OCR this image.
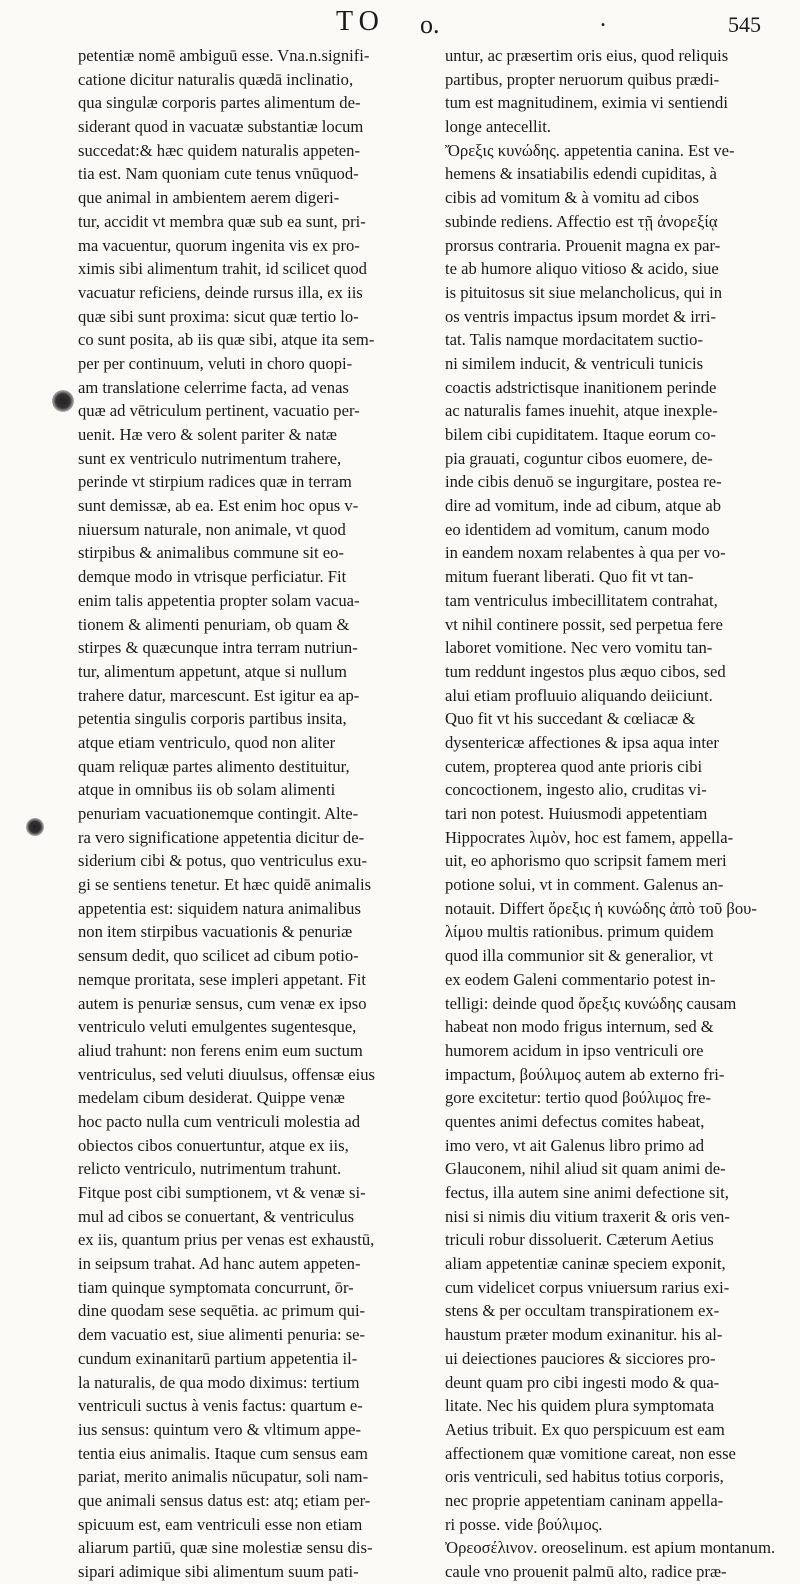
TO o.	.	545
petentiæ nomē ambiguū esse. Vna.n.signifi-
catione dicitur naturalis quædā inclinatio,
qua singulæ corporis partes alimentum de-
siderant quod in vacuatæ substantiæ locum
succedat:& hæc quidem naturalis appeten-
tia est. Nam quoniam cute tenus vnūquod-
que animal in ambientem aerem digeri-
tur, accidit vt membra quæ sub ea sunt, pri-
ma vacuentur, quorum ingenita vis ex pro-
ximis sibi alimentum trahit, id scilicet quod
vacuatur reficiens, deinde rursus illa, ex iis
quæ sibi sunt proxima: sicut quæ tertio lo-
co sunt posita, ab iis quæ sibi, atque ita sem-
per per continuum, veluti in choro quopi-
am translatione celerrime facta, ad venas
quæ ad vētriculum pertinent, vacuatio per-
uenit. Hæ vero & solent pariter & natæ
sunt ex ventriculo nutrimentum trahere,
perinde vt stirpium radices quæ in terram
sunt demissæ, ab ea. Est enim hoc opus v-
niuersum naturale, non animale, vt quod
stirpibus & animalibus commune sit eo-
demque modo in vtrisque perficiatur. Fit
enim talis appetentia propter solam vacua-
tionem & alimenti penuriam, ob quam &
stirpes & quæcunque intra terram nutriun-
tur, alimentum appetunt, atque si nullum
trahere datur, marcescunt. Est igitur ea ap-
petentia singulis corporis partibus insita,
atque etiam ventriculo, quod non aliter
quam reliquæ partes alimento destituitur,
atque in omnibus iis ob solam alimenti
penuriam vacuationemque contingit. Alte-
ra vero significatione appetentia dicitur de-
siderium cibi & potus, quo ventriculus exu-
gi se sentiens tenetur. Et hæc quidē animalis
appetentia est: siquidem natura animalibus
non item stirpibus vacuationis & penuriæ
sensum dedit, quo scilicet ad cibum potio-
nemque proritata, sese impleri appetant. Fit
autem is penuriæ sensus, cum venæ ex ipso
ventriculo veluti emulgentes sugentesque,
aliud trahunt: non ferens enim eum suctum
ventriculus, sed veluti diuulsus, offensæ eius
medelam cibum desiderat. Quippe venæ
hoc pacto nulla cum ventriculi molestia ad
obiectos cibos conuertuntur, atque ex iis,
relicto ventriculo, nutrimentum trahunt.
Fitque post cibi sumptionem, vt & venæ si-
mul ad cibos se conuertant, & ventriculus
ex iis, quantum prius per venas est exhaustū,
in seipsum trahat. Ad hanc autem appeten-
tiam quinque symptomata concurrunt, ōr-
dine quodam sese sequētia. ac primum qui-
dem vacuatio est, siue alimenti penuria: se-
cundum exinanitarū partium appetentia il-
la naturalis, de qua modo diximus: tertium
ventriculi suctus à venis factus: quartum e-
ius sensus: quintum vero & vltimum appe-
tentia eius animalis. Itaque cum sensus eam
pariat, merito animalis nūcupatur, soli nam-
que animali sensus datus est: atq; etiam per-
spicuum est, eam ventriculi esse non etiam
aliarum partiū, quæ sine molestiæ sensu dis-
sipari adimique sibi alimentum suum pati-
untur, ac præsertim oris eius, quod reliquis
partibus, propter neruorum quibus prædi-
tum est magnitudinem, eximia vi sentiendi
longe antecellit.
Ὄρεξις κυνώδης. appetentia canina. Est ve-
hemens & insatiabilis edendi cupiditas, à
cibis ad vomitum & à vomitu ad cibos
subinde rediens. Affectio est τῇ ἀνορεξίᾳ
prorsus contraria. Prouenit magna ex par-
te ab humore aliquo vitioso & acido, siue
is pituitosus sit siue melancholicus, qui in
os ventris impactus ipsum mordet & irri-
tat. Talis namque mordacitatem suctio-
ni similem inducit, & ventriculi tunicis
coactis adstrictisque inanitionem perinde
ac naturalis fames inuehit, atque inexple-
bilem cibi cupiditatem. Itaque eorum co-
pia grauati, coguntur cibos euomere, de-
inde cibis denuō se ingurgitare, postea re-
dire ad vomitum, inde ad cibum, atque ab
eo identidem ad vomitum, canum modo
in eandem noxam relabentes à qua per vo-
mitum fuerant liberati. Quo fit vt tan-
tam ventriculus imbecillitatem contrahat,
vt nihil continere possit, sed perpetua fere
laboret vomitione. Nec vero vomitu tan-
tum reddunt ingestos plus æquo cibos, sed
alui etiam profluuio aliquando deiiciunt.
Quo fit vt his succedant & cœliacæ &
dysentericæ affectiones & ipsa aqua inter
cutem, propterea quod ante prioris cibi
concoctionem, ingesto alio, cruditas vi-
tari non potest. Huiusmodi appetentiam
Hippocrates λιμὸν, hoc est famem, appella-
uit, eo aphorismo quo scripsit famem meri
potione solui, vt in comment. Galenus an-
notauit. Differt ὄρεξις ἡ κυνώδης ἀπὸ τοῦ βου-
λίμου multis rationibus. primum quidem
quod illa communior sit & generalior, vt
ex eodem Galeni commentario potest in-
telligi: deinde quod ὄρεξις κυνώδης causam
habeat non modo frigus internum, sed &
humorem acidum in ipso ventriculi ore
impactum, βούλιμος autem ab externo fri-
gore excitetur: tertio quod βούλιμος fre-
quentes animi defectus comites habeat,
imo vero, vt ait Galenus libro primo ad
Glauconem, nihil aliud sit quam animi de-
fectus, illa autem sine animi defectione sit,
nisi si nimis diu vitium traxerit & oris ven-
triculi robur dissoluerit. Cæterum Aetius
aliam appetentiæ caninæ speciem exponit,
cum videlicet corpus vniuersum rarius exi-
stens & per occultam transpirationem ex-
haustum præter modum exinanitur. his al-
ui deiectiones pauciores & sicciores pro-
deunt quam pro cibi ingesti modo & qua-
litate. Nec his quidem plura symptomata
Aetius tribuit. Ex quo perspicuum est eam
affectionem quæ vomitione careat, non esse
oris ventriculi, sed habitus totius corporis,
nec proprie appetentiam caninam appella-
ri posse. vide βούλιμος.
Ὀρεοσέλινον. oreoselinum. est apium montanum.
caule vno prouenit palmū alto, radice præ-
